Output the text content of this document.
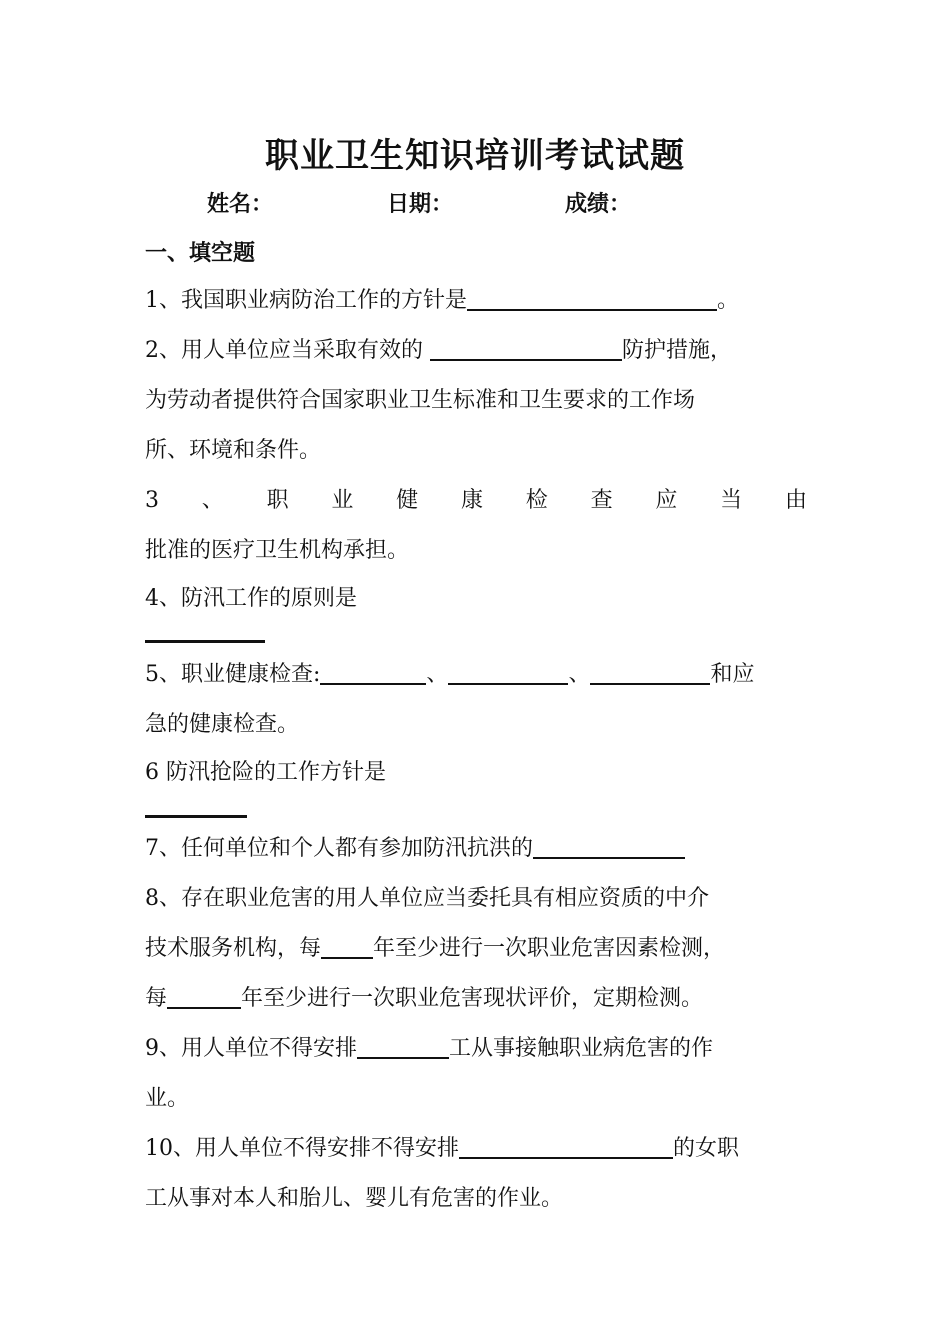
职业卫生知识培训考试试题
姓名：	日期：	成绩：
一、填空题
1、我国职业病防治工作的方针是	。
2、用人单位应当采取有效的	防护措施，
为劳动者提供符合国家职业卫生标准和卫生要求的工作场
所、环境和条件。
3 、 职 业 健 康 检 查 应 当 由
批准的医疗卫生机构承担。
4、防汛工作的原则是
5、职业健康检查:	、	、	和应
急的健康检查。
6 防汛抢险的工作方针是
7、任何单位和个人都有参加防汛抗洪的
8、存在职业危害的用人单位应当委托具有相应资质的中介
技术服务机构，每 年至少进行一次职业危害因素检测，
每	年至少进行一次职业危害现状评价，定期检测。
9、用人单位不得安排	工从事接触职业病危害的作
业。
10、用人单位不得安排不得安排	的女职
工从事对本人和胎儿、婴儿有危害的作业。
